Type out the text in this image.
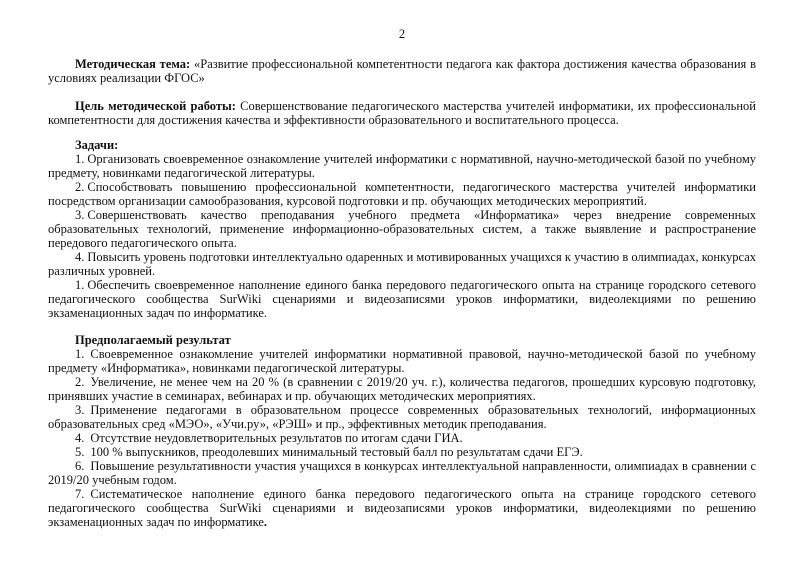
2

Методическая тема: «Развитие профессиональной компетентности педагога как фактора достижения качества образования в условиях реализации ФГОС»

Цель методической работы: Совершенствование педагогического мастерства учителей информатики, их профессиональной компетентности для достижения качества и эффективности образовательного и воспитательного процесса.

Задачи:

1. Организовать своевременное ознакомление учителей информатики с нормативной, научно-методической базой по учебному предмету, новинками педагогической литературы.

2. Способствовать повышению профессиональной компетентности, педагогического мастерства учителей информатики посредством организации самообразования, курсовой подготовки и пр. обучающих методических мероприятий.

3. Совершенствовать качество преподавания учебного предмета «Информатика» через внедрение современных образовательных технологий, применение информационно-образовательных систем, а также выявление и распространение передового педагогического опыта.

4. Повысить уровень подготовки интеллектуально одаренных и мотивированных учащихся к участию в олимпиадах, конкурсах различных уровней.

1. Обеспечить своевременное наполнение единого банка передового педагогического опыта на странице городского сетевого педагогического сообщества SurWiki сценариями и видеозаписями уроков информатики, видеолекциями по решению экзаменационных задач по информатике.

Предполагаемый результат

1. Своевременное ознакомление учителей информатики нормативной правовой, научно-методической базой по учебному предмету «Информатика», новинками педагогической литературы.

2. Увеличение, не менее чем на 20 % (в сравнении с 2019/20 уч. г.), количества педагогов, прошедших курсовую подготовку, принявших участие в семинарах, вебинарах и пр. обучающих методических мероприятиях.

3. Применение педагогами в образовательном процессе современных образовательных технологий, информационных образовательных сред «МЭО», «Учи.ру», «РЭШ» и пр., эффективных методик преподавания.

4. Отсутствие неудовлетворительных результатов по итогам сдачи ГИА.

5. 100 % выпускников, преодолевших минимальный тестовый балл по результатам сдачи ЕГЭ.

6. Повышение результативности участия учащихся в конкурсах интеллектуальной направленности, олимпиадах в сравнении с 2019/20 учебным годом.

7. Систематическое наполнение единого банка передового педагогического опыта на странице городского сетевого педагогического сообщества SurWiki сценариями и видеозаписями уроков информатики, видеолекциями по решению экзаменационных задач по информатике.
